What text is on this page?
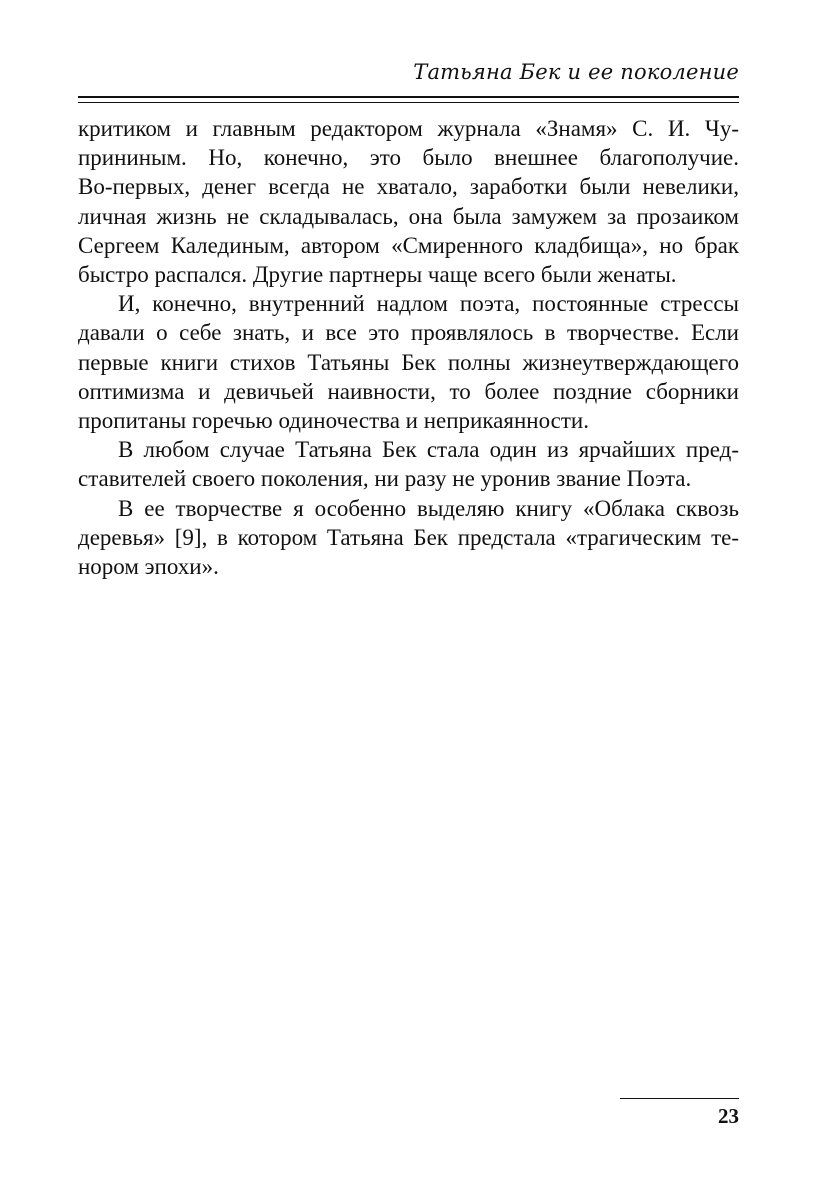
Татьяна Бек и ее поколение

критиком и главным редактором журнала «Знамя» С. И. Чу-
прининым. Но, конечно, это было внешнее благополучие.
Во-первых, денег всегда не хватало, заработки были невелики,
личная жизнь не складывалась, она была замужем за прозаиком
Сергеем Калединым, автором «Смиренного кладбища», но брак
быстро распался. Другие партнеры чаще всего были женаты.

И, конечно, внутренний надлом поэта, постоянные стрессы
давали о себе знать, и все это проявлялось в творчестве. Если
первые книги стихов Татьяны Бек полны жизнеутверждающего
оптимизма и девичьей наивности, то более поздние сборники
пропитаны горечью одиночества и неприкаянности.

В любом случае Татьяна Бек стала один из ярчайших пред-
ставителей своего поколения, ни разу не уронив звание Поэта.

В ее творчестве я особенно выделяю книгу «Облака сквозь
деревья» [9], в котором Татьяна Бек предстала «трагическим те-
нором эпохи».

23
